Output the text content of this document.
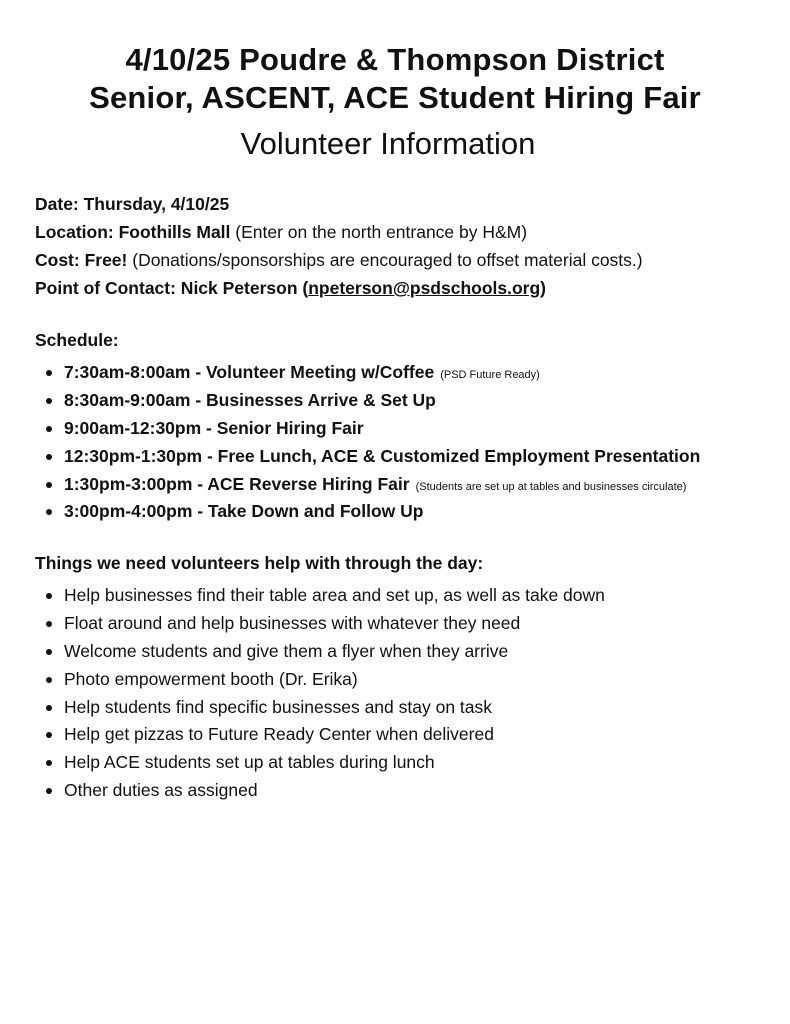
4/10/25 Poudre & Thompson District
Senior, ASCENT, ACE Student Hiring Fair
Volunteer Information
Date: Thursday, 4/10/25
Location: Foothills Mall (Enter on the north entrance by H&M)
Cost: Free! (Donations/sponsorships are encouraged to offset material costs.)
Point of Contact: Nick Peterson (npeterson@psdschools.org)
Schedule:
7:30am-8:00am - Volunteer Meeting w/Coffee (PSD Future Ready)
8:30am-9:00am - Businesses Arrive & Set Up
9:00am-12:30pm - Senior Hiring Fair
12:30pm-1:30pm - Free Lunch, ACE & Customized Employment Presentation
1:30pm-3:00pm - ACE Reverse Hiring Fair (Students are set up at tables and businesses circulate)
3:00pm-4:00pm - Take Down and Follow Up
Things we need volunteers help with through the day:
Help businesses find their table area and set up, as well as take down
Float around and help businesses with whatever they need
Welcome students and give them a flyer when they arrive
Photo empowerment booth (Dr. Erika)
Help students find specific businesses and stay on task
Help get pizzas to Future Ready Center when delivered
Help ACE students set up at tables during lunch
Other duties as assigned
